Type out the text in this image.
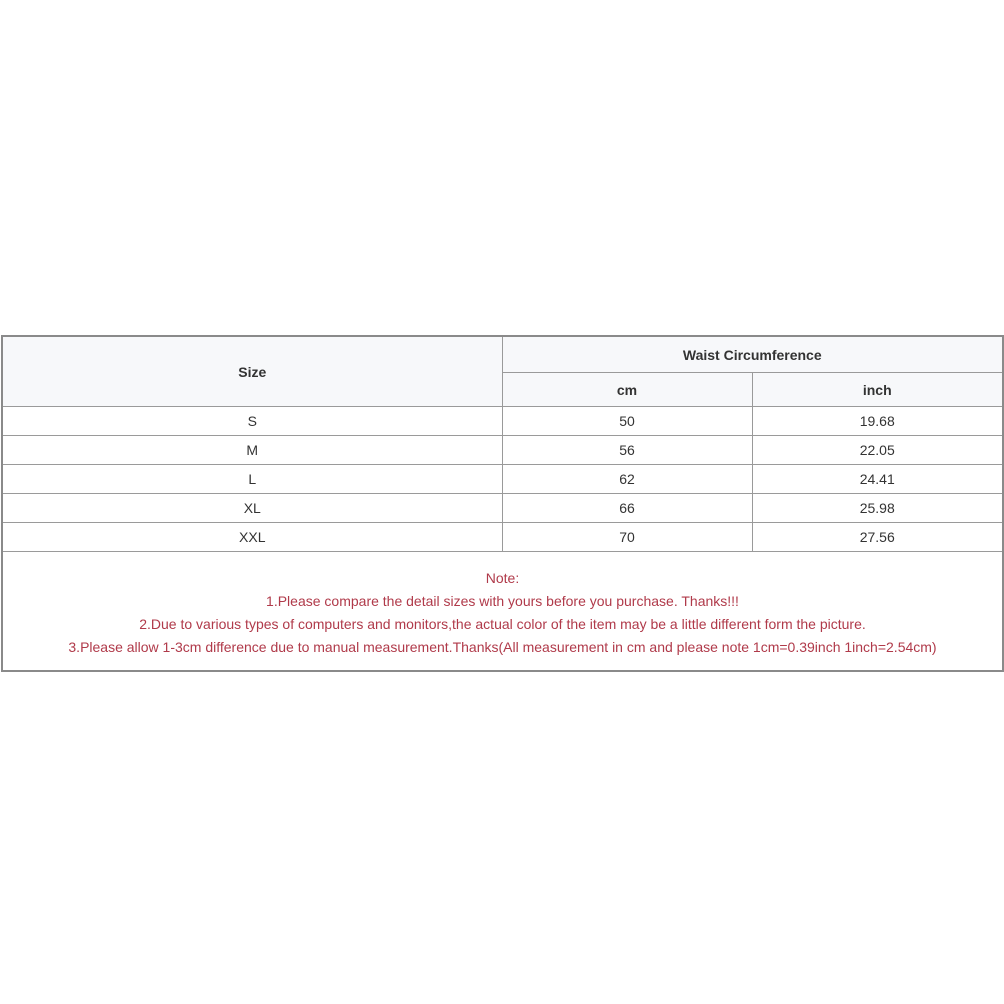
Size	Waist Circumference	
	cm	inch
S	50	19.68
M	56	22.05
L	62	24.41
XL	66	25.98
XXL	70	27.56

Note:
1.Please compare the detail sizes with yours before you purchase. Thanks!!!
2.Due to various types of computers and monitors,the actual color of the item may be a little different form the picture.
3.Please allow 1-3cm difference due to manual measurement.Thanks(All measurement in cm and please note 1cm=0.39inch 1inch=2.54cm)		
